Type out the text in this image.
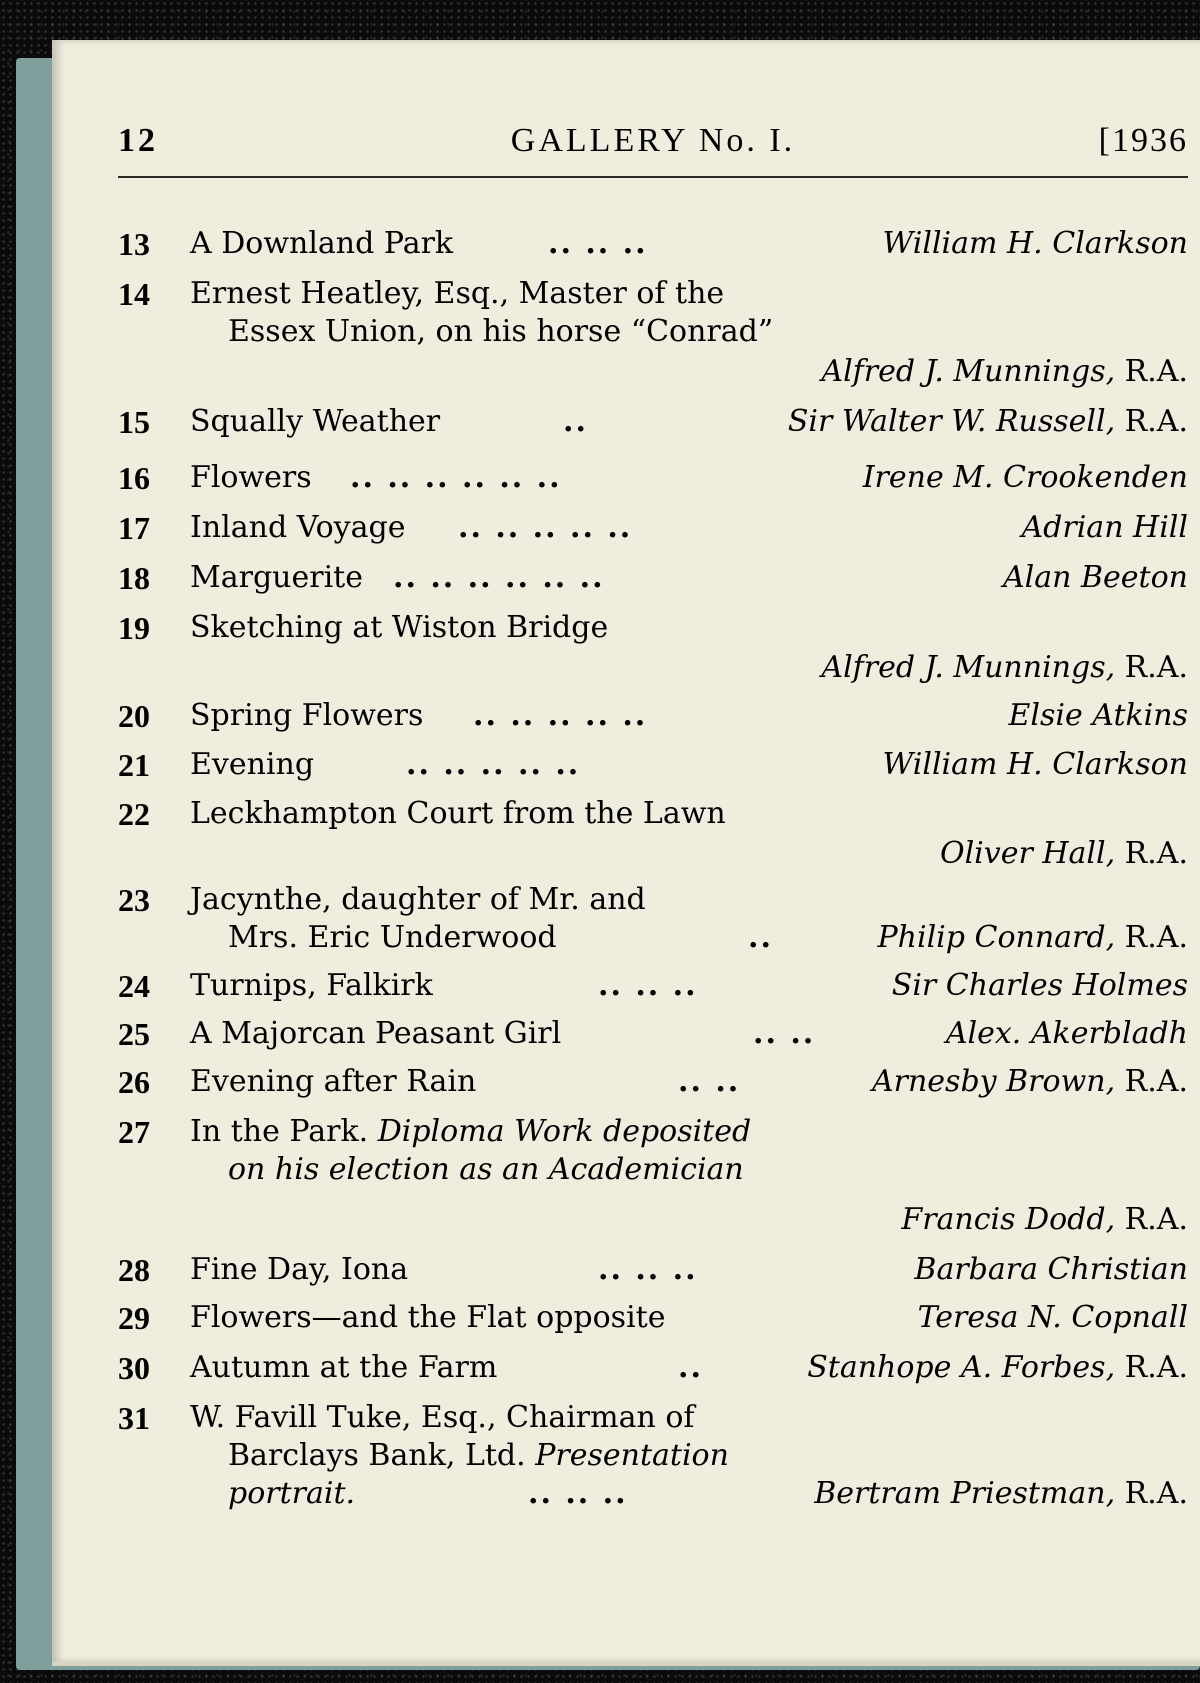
12	GALLERY No. I.	[1936
13 A Downland Park	.. .. ..	William H. Clarkson
14 Ernest Heatley, Esq., Master of the
Essex Union, on his horse “Conrad”
Alfred J. Munnings, R.A.
15 Squally Weather	..	Sir Walter W. Russell, R.A.
16 Flowers .. .. .. .. .. ..	Irene M. Crookenden
17 Inland Voyage .. .. .. .. ..	Adrian Hill
18 Marguerite .. .. .. .. .. ..	Alan Beeton
19 Sketching at Wiston Bridge
Alfred J. Munnings, R.A.
20 Spring Flowers .. .. .. .. ..	Elsie Atkins
21 Evening	.. .. .. .. ..	William H. Clarkson
22 Leckhampton Court from the Lawn
Oliver Hall, R.A.
23 Jacynthe, daughter of Mr. and
Mrs. Eric Underwood	..	Philip Connard, R.A.
24 Turnips, Falkirk	.. .. ..	Sir Charles Holmes
25 A Majorcan Peasant Girl	.. ..	Alex. Akerbladh
26 Evening after Rain	.. ..	Arnesby Brown, R.A.
27 In the Park. Diploma Work deposited
on his election as an Academician
Francis Dodd, R.A.
28 Fine Day, Iona	.. .. ..	Barbara Christian
29 Flowers—and the Flat opposite	Teresa N. Copnall
30 Autumn at the Farm	..	Stanhope A. Forbes, R.A.
31 W. Favill Tuke, Esq., Chairman of
Barclays Bank, Ltd. Presentation
portrait.	.. .. ..	Bertram Priestman, R.A.
